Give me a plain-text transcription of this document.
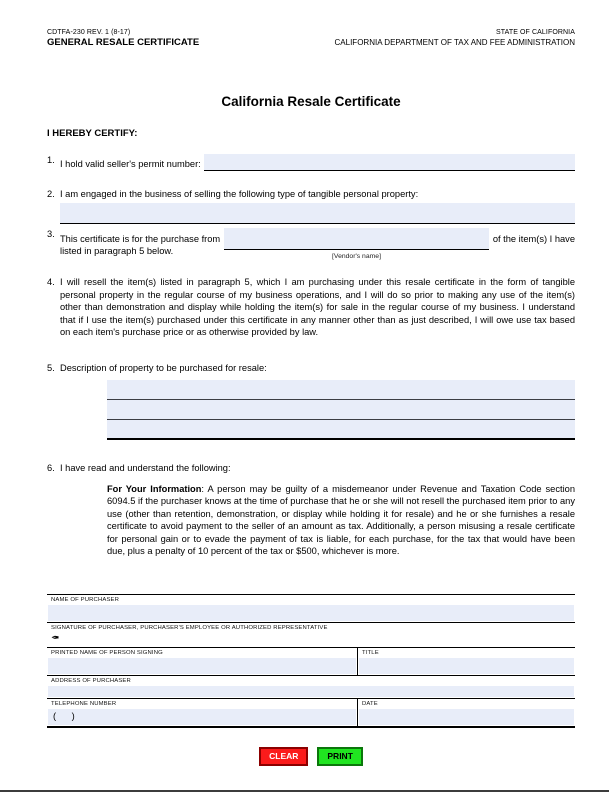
CDTFA-230 REV. 1 (8-17)
GENERAL RESALE CERTIFICATE
STATE OF CALIFORNIA
CALIFORNIA DEPARTMENT OF TAX AND FEE ADMINISTRATION
California Resale Certificate
I HEREBY CERTIFY:
1. I hold valid seller's permit number:
2. I am engaged in the business of selling the following type of tangible personal property:
3. This certificate is for the purchase from
listed in paragraph 5 below.	[Vendor's name]
of the item(s) I have
4. I will resell the item(s) listed in paragraph 5, which I am purchasing under this resale certificate in the form of tangible personal property in the regular course of my business operations, and I will do so prior to making any use of the item(s) other than demonstration and display while holding the item(s) for sale in the regular course of my business. I understand that if I use the item(s) purchased under this certificate in any manner other than as just described, I will owe use tax based on each item's purchase price or as otherwise provided by law.
5. Description of property to be purchased for resale:
6. I have read and understand the following:
For Your Information: A person may be guilty of a misdemeanor under Revenue and Taxation Code section 6094.5 if the purchaser knows at the time of purchase that he or she will not resell the purchased item prior to any use (other than retention, demonstration, or display while holding it for resale) and he or she furnishes a resale certificate to avoid payment to the seller of an amount as tax. Additionally, a person misusing a resale certificate for personal gain or to evade the payment of tax is liable, for each purchase, for the tax that would have been due, plus a penalty of 10 percent of the tax or $500, whichever is more.
NAME OF PURCHASER
SIGNATURE OF PURCHASER, PURCHASER'S EMPLOYEE OR AUTHORIZED REPRESENTATIVE
✒
PRINTED NAME OF PERSON SIGNING	TITLE
ADDRESS OF PURCHASER
TELEPHONE NUMBER
(      )
DATE
CLEAR	PRINT
